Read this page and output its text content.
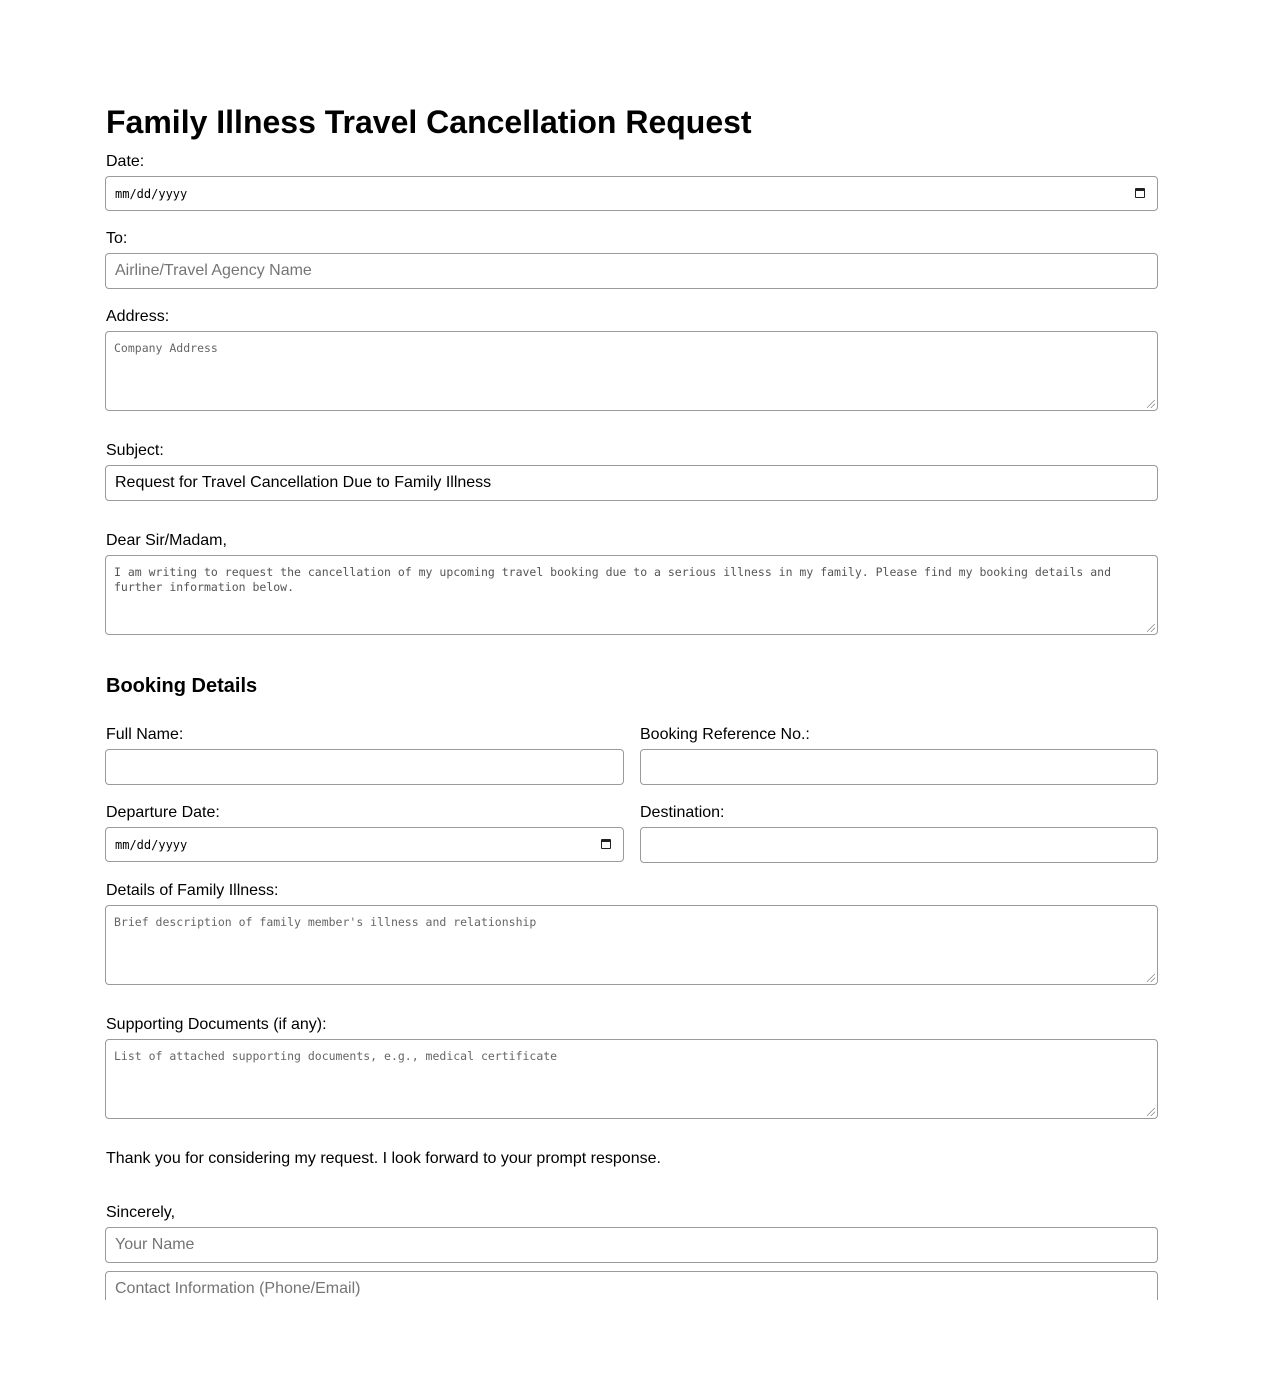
Family Illness Travel Cancellation Request
Date:
mm/dd/yyyy
To:
Airline/Travel Agency Name
Address:
Company Address
Subject:
Request for Travel Cancellation Due to Family Illness
Dear Sir/Madam,
I am writing to request the cancellation of my upcoming travel booking due to a serious illness in my family. Please find my booking details and further information below.
Booking Details
Full Name:	Booking Reference No.:
Departure Date:
mm/dd/yyyy
Destination:
Details of Family Illness:
Brief description of family member's illness and relationship
Supporting Documents (if any):
List of attached supporting documents, e.g., medical certificate
Thank you for considering my request. I look forward to your prompt response.
Sincerely,
Your Name
Contact Information (Phone/Email)
